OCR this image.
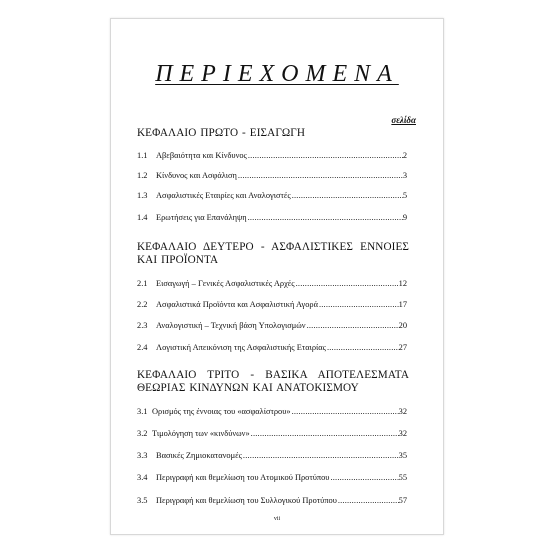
ΠΕΡΙΕΧΟΜΕΝΑ
σελίδα
ΚΕΦΑΛΑΙΟ ΠΡΩΤΟ - ΕΙΣΑΓΩΓΗ
1.1	Αβεβαιότητα και Κίνδυνος .....	2
1.2	Κίνδυνος και Ασφάλιση .....	3
1.3	Ασφαλιστικές Εταιρίες και Αναλογιστές .....	5
1.4	Ερωτήσεις για Επανάληψη .....	9
ΚΕΦΑΛΑΙΟ ΔΕΥΤΕΡΟ - ΑΣΦΑΛΙΣΤΙΚΕΣ ΕΝΝΟΙΕΣ ΚΑΙ ΠΡΟΪΟΝΤΑ
2.1	Εισαγωγή – Γενικές Ασφαλιστικές Αρχές .....	12
2.2	Ασφαλιστικά Προϊόντα και Ασφαλιστική Αγορά .....	17
2.3	Αναλογιστική – Τεχνική βάση Υπολογισμών .....	20
2.4	Λογιστική Απεικόνιση της Ασφαλιστικής Εταιρίας .....	27
ΚΕΦΑΛΑΙΟ ΤΡΙΤΟ - ΒΑΣΙΚΑ ΑΠΟΤΕΛΕΣΜΑΤΑ ΘΕΩΡΙΑΣ ΚΙΝΔΥΝΩΝ ΚΑΙ ΑΝΑΤΟΚΙΣΜΟΥ
3.1 Ορισμός της έννοιας του «ασφαλίστρου» .....	32
3.2 Τιμολόγηση των «κινδύνων» .....	32
3.3	Βασικές Ζημιοκατανομές .....	35
3.4	Περιγραφή και θεμελίωση του Ατομικού Προτύπου .....	55
3.5	Περιγραφή και θεμελίωση του Συλλογικού Προτύπου .....	57
vii
